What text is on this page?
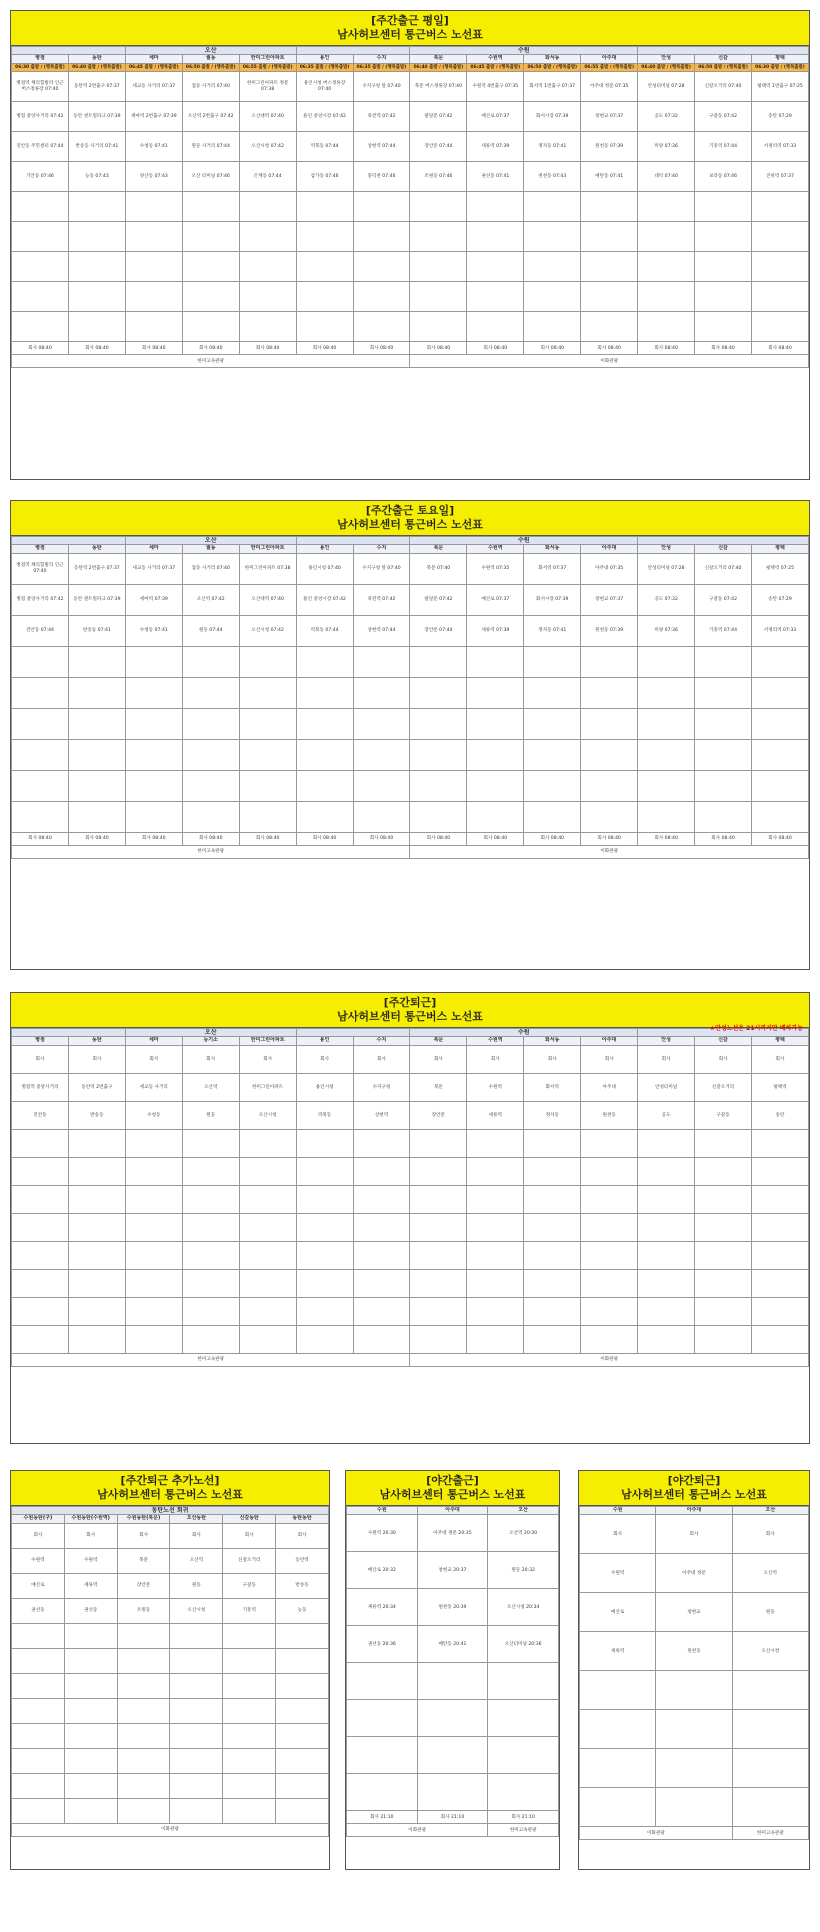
[주간출근 평일]
남사허브센터 통근버스 노선표
		오산					수원						
병점	동탄	세마	궐동	한미그린아파트	용인	수지	북문	수원역	화서동	아주대	안성	신갈	평택
06:30 출발 / (행복출발)	06:40 출발 / (행복출발)	06:45 출발 / (행복출발)	06:50 출발 / (행복출발)	06:55 출발 / (행복출발)	06:35 출발 / (행복출발)	06:35 출발 / (행복출발)	06:40 출발 / (행복출발)	06:45 출발 / (행복출발)	06:50 출발 / (행복출발)	06:55 출발 / (행복출발)	06:40 출발 / (행복출발)	06:50 출발 / (행복출발)	06:30 출발 / (행복출발)
병점역 체리힐빌라 인근 버스정류장 07:40	동탄역 2번출구 07:37	세교동 사거리 07:37	궐동 사거리 07:40	한미그린아파트 정문 07:38	용인시청 버스정류장 07:40	수지구청 앞 07:40	북문 버스정류장 07:40	수원역 4번출구 07:35	화서역 1번출구 07:37	아주대 정문 07:35	안성터미널 07:28	신갈오거리 07:40	평택역 1번출구 07:25
병점 중앙사거리 07:42	동탄 센트럴파크 07:39	세마역 2번출구 07:39	오산역 2번출구 07:42	오산대역 07:40	용인 중앙시장 07:42	죽전역 07:42	팔달문 07:42	매산로 07:37	화서시장 07:39	창현교 07:37	공도 07:32	구갈동 07:42	송탄 07:29
진안동 주민센터 07:44	반송동 사거리 07:41	수청동 07:41	원동 사거리 07:44	오산시청 07:42	역북동 07:44	상현역 07:44	장안문 07:44	세류역 07:39	정자동 07:41	원천동 07:39	미양 07:36	기흥역 07:44	서정리역 07:33
기안동 07:46	능동 07:43	양산동 07:43	오산 터미널 07:46	은계동 07:44	삼가동 07:46	풍덕천 07:46	조원동 07:46	권선동 07:41	천천동 07:43	매탄동 07:41	대덕 07:40	보라동 07:46	진위역 07:37

회사 08:40	회사 08:40	회사 08:40	회사 08:40	회사 08:40	회사 08:40	회사 08:40	회사 08:40	회사 08:40	회사 08:40	회사 08:40	회사 08:40	회사 08:40	회사 08:40
한미고속관광							이화관광						
[주간출근 토요일]
남사허브센터 통근버스 노선표
		오산					수원						
병점	동탄	세마	궐동	한미그린아파트	용인	수지	북문	수원역	화서동	아주대	안성	신갈	평택
병점역 체리힐빌라 인근 07:40	동탄역 2번출구 07:37	세교동 사거리 07:37	궐동 사거리 07:40	한미그린아파트 07:38	용인시청 07:40	수지구청 앞 07:40	북문 07:40	수원역 07:35	화서역 07:37	아주대 07:35	안성터미널 07:28	신갈오거리 07:40	평택역 07:25
병점 중앙사거리 07:42	동탄 센트럴파크 07:39	세마역 07:39	오산역 07:42	오산대역 07:40	용인 중앙시장 07:42	죽전역 07:42	팔달문 07:42	매산로 07:37	화서시장 07:39	창현교 07:37	공도 07:32	구갈동 07:42	송탄 07:29
진안동 07:44	반송동 07:41	수청동 07:41	원동 07:44	오산시청 07:42	역북동 07:44	상현역 07:44	장안문 07:44	세류역 07:39	정자동 07:41	원천동 07:39	미양 07:36	기흥역 07:44	서정리역 07:33

회사 08:40	회사 08:40	회사 08:40	회사 08:40	회사 08:40	회사 08:40	회사 08:40	회사 08:40	회사 08:40	회사 08:40	회사 08:40	회사 08:40	회사 08:40	회사 08:40
한미고속관광							이화관광						
[주간퇴근]
남사허브센터 통근버스 노선표
★안성노선은 21시까지만 배차가능
		오산					수원						
병점	동탄	세마	등기소	한미그린아파트	용인	수지	북문	수원역	화서동	아주대	안성	신갈	평택
회사	회사	회사	회사	회사	회사	회사	회사	회사	회사	회사	회사	회사	회사
병점역 중앙사거리	동탄역 2번출구	세교동 사거리	오산역	한미그린아파트	용인시청	수지구청	북문	수원역	화서역	아주대	안성터미널	신갈오거리	평택역
진안동	반송동	수청동	원동	오산시청	역북동	상현역	장안문	세류역	정자동	원천동	공도	구갈동	송탄

한미고속관광							이화관광						
[주간퇴근 추가노선]
남사허브센터 통근버스 노선표
동탄노선 회귀					
수원동탄(구)	수원동탄(수원역)	수원동탄(북문)	오산동탄	신갈동탄	동탄동탄
회사	회사	회사	회사	회사	회사
수원역	수원역	북문	오산역	신갈오거리	동탄역
매산로	세류역	장안문	원동	구갈동	반송동
권선동	권선동	조원동	오산시청	기흥역	능동

이화관광					
[야간출근]
남사허브센터 통근버스 노선표
수원	아주대	오산
수원역 20:30	아주대 정문 20:35	오산역 20:30
매산로 20:32	창현교 20:37	원동 20:32
세류역 20:34	원천동 20:39	오산시청 20:34
권선동 20:36	매탄동 20:41	오산터미널 20:36

회사 21:10	회사 21:10	회사 21:10
이화관광		한미고속관광
[야간퇴근]
남사허브센터 통근버스 노선표
수원	아주대	오산
회사	회사	회사
수원역	아주대 정문	오산역
매산로	창현교	원동
세류역	원천동	오산시청

이화관광		한미고속관광
